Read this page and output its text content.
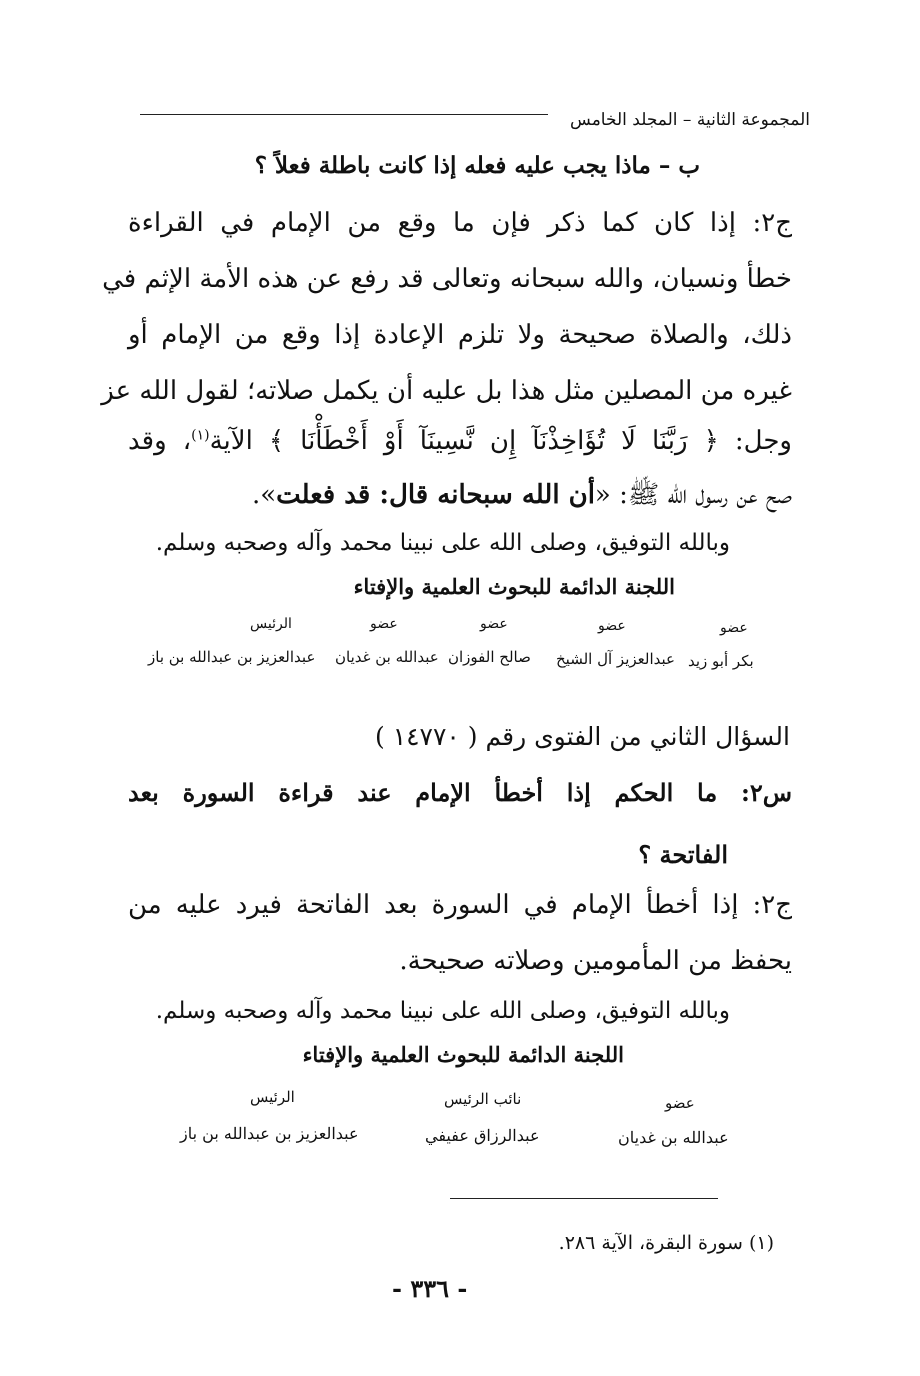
المجموعة الثانية – المجلد الخامس
ب – ماذا يجب عليه فعله إذا كانت باطلة فعلاً ؟
ج٢: إذا كان كما ذكر فإن ما وقع من الإمام في القراءة
خطأ ونسيان، والله سبحانه وتعالى قد رفع عن هذه الأمة الإثم في
ذلك، والصلاة صحيحة ولا تلزم الإعادة إذا وقع من الإمام أو
غيره من المصلين مثل هذا بل عليه أن يكمل صلاته؛ لقول الله عز
وجل: ﴿ رَبَّنَا لَا تُؤَاخِذْنَآ إِن نَّسِينَآ أَوْ أَخْطَأْنَا ﴾ الآية$^{(١)}$، وقد
صح عن رسول الله ﷺ: «أن الله سبحانه قال: قد فعلت».
وبالله التوفيق، وصلى الله على نبينا محمد وآله وصحبه وسلم.
اللجنة الدائمة للبحوث العلمية والإفتاء
عضو
عضو
عضو
عضو
الرئيس
بكر أبو زيد
عبدالعزيز آل الشيخ
صالح الفوزان
عبدالله بن غديان
عبدالعزيز بن عبدالله بن باز
السؤال الثاني من الفتوى رقم ( ١٤٧٧٠ )
س٢: ما الحكم إذا أخطأ الإمام عند قراءة السورة بعد
الفاتحة ؟
ج٢: إذا أخطأ الإمام في السورة بعد الفاتحة فيرد عليه من
يحفظ من المأمومين وصلاته صحيحة.
وبالله التوفيق، وصلى الله على نبينا محمد وآله وصحبه وسلم.
اللجنة الدائمة للبحوث العلمية والإفتاء
عضو
نائب الرئيس
الرئيس
عبدالله بن غديان
عبدالرزاق عفيفي
عبدالعزيز بن عبدالله بن باز
(١) سورة البقرة، الآية ٢٨٦.
- ٣٣٦ -
